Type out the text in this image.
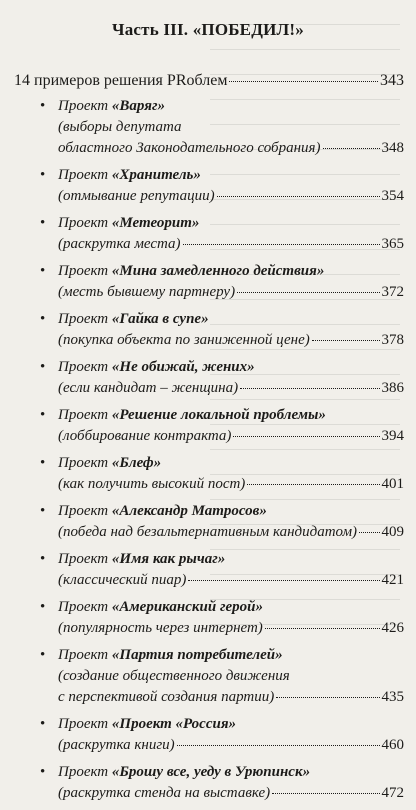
Часть III. «ПОБЕДИЛ!»
14 примеров решения PRоблем	343
• Проект «Варяг»
(выборы депутата
областного Законодательного собрания)	348
• Проект «Хранитель»
(отмывание репутации)	354
• Проект «Метеорит»
(раскрутка места)	365
• Проект «Мина замедленного действия»
(месть бывшему партнеру)	372
• Проект «Гайка в супе»
(покупка объекта по заниженной цене)	378
• Проект «Не обижай, жених»
(если кандидат – женщина)	386
• Проект «Решение локальной проблемы»
(лоббирование контракта)	394
• Проект «Блеф»
(как получить высокий пост)	401
• Проект «Александр Матросов»
(победа над безальтернативным кандидатом) 409
• Проект «Имя как рычаг»
(классический пиар)	421
• Проект «Американский герой»
(популярность через интернет)	426
• Проект «Партия потребителей»
(создание общественного движения
с перспективой создания партии)	435
• Проект «Проект «Россия»
(раскрутка книги)	460
• Проект «Брошу все, уеду в Урюпинск»
(раскрутка стенда на выставке)	472
